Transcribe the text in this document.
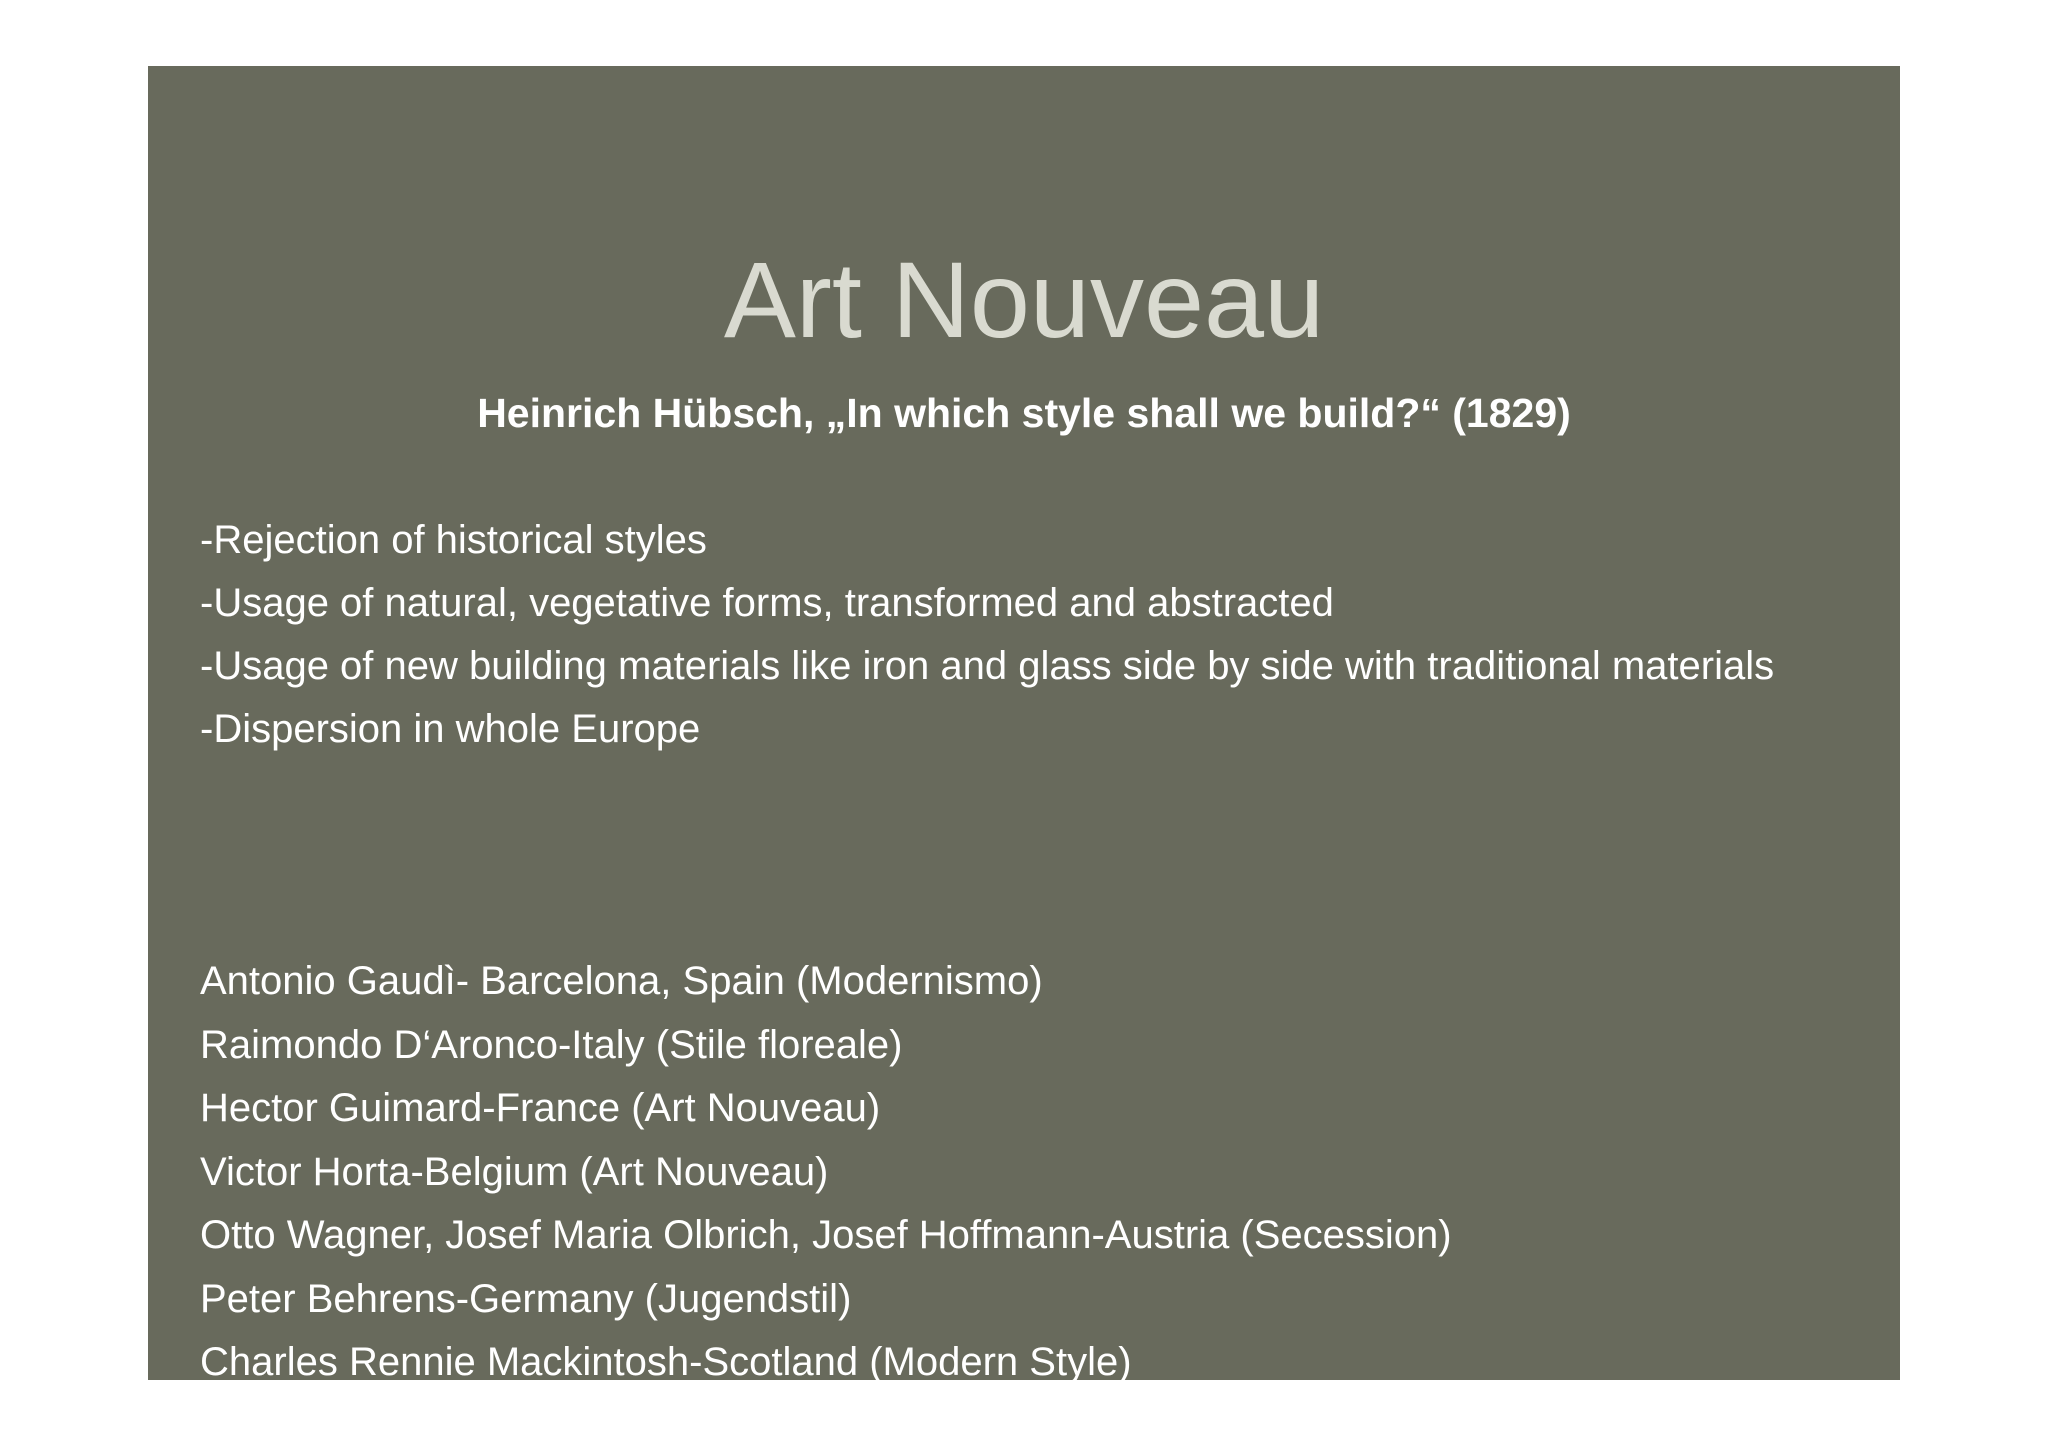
Art Nouveau

Heinrich Hübsch, „In which style shall we build?“ (1829)

-Rejection of historical styles
-Usage of natural, vegetative forms, transformed and abstracted
-Usage of new building materials like iron and glass side by side with traditional materials
-Dispersion in whole Europe
Antonio Gaudì- Barcelona, Spain (Modernismo)
Raimondo D‘Aronco-Italy (Stile floreale)
Hector Guimard-France (Art Nouveau)
Victor Horta-Belgium (Art Nouveau)
Otto Wagner, Josef Maria Olbrich, Josef Hoffmann-Austria (Secession)
Peter Behrens-Germany (Jugendstil)
Charles Rennie Mackintosh-Scotland (Modern Style)
